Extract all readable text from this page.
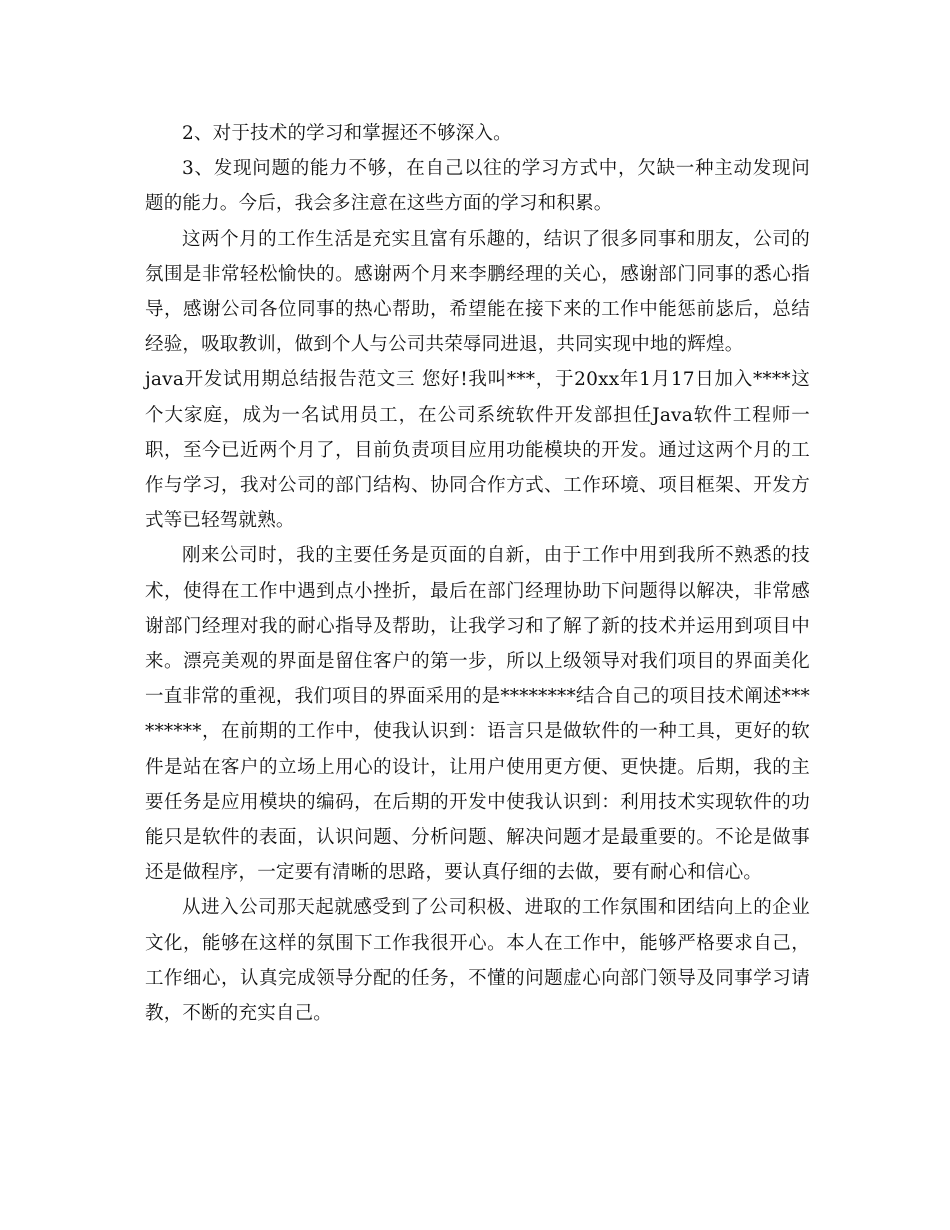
2、对于技术的学习和掌握还不够深入。

3、发现问题的能力不够，在自己以往的学习方式中，欠缺一种主动发现问题的能力。今后，我会多注意在这些方面的学习和积累。

这两个月的工作生活是充实且富有乐趣的，结识了很多同事和朋友，公司的氛围是非常轻松愉快的。感谢两个月来李鹏经理的关心，感谢部门同事的悉心指导，感谢公司各位同事的热心帮助，希望能在接下来的工作中能惩前毖后，总结经验，吸取教训，做到个人与公司共荣辱同进退，共同实现中地的辉煌。

java开发试用期总结报告范文三 您好!我叫***，于20xx年1月17日加入****这个大家庭，成为一名试用员工，在公司系统软件开发部担任Java软件工程师一职，至今已近两个月了，目前负责项目应用功能模块的开发。通过这两个月的工作与学习，我对公司的部门结构、协同合作方式、工作环境、项目框架、开发方式等已轻驾就熟。

刚来公司时，我的主要任务是页面的自新，由于工作中用到我所不熟悉的技术，使得在工作中遇到点小挫折，最后在部门经理协助下问题得以解决，非常感谢部门经理对我的耐心指导及帮助，让我学习和了解了新的技术并运用到项目中来。漂亮美观的界面是留住客户的第一步，所以上级领导对我们项目的界面美化一直非常的重视，我们项目的界面采用的是********结合自己的项目技术阐述*********，在前期的工作中，使我认识到：语言只是做软件的一种工具，更好的软件是站在客户的立场上用心的设计，让用户使用更方便、更快捷。后期，我的主要任务是应用模块的编码，在后期的开发中使我认识到：利用技术实现软件的功能只是软件的表面，认识问题、分析问题、解决问题才是最重要的。不论是做事还是做程序，一定要有清晰的思路，要认真仔细的去做，要有耐心和信心。

从进入公司那天起就感受到了公司积极、进取的工作氛围和团结向上的企业文化，能够在这样的氛围下工作我很开心。本人在工作中，能够严格要求自己，工作细心，认真完成领导分配的任务，不懂的问题虚心向部门领导及同事学习请教，不断的充实自己。
